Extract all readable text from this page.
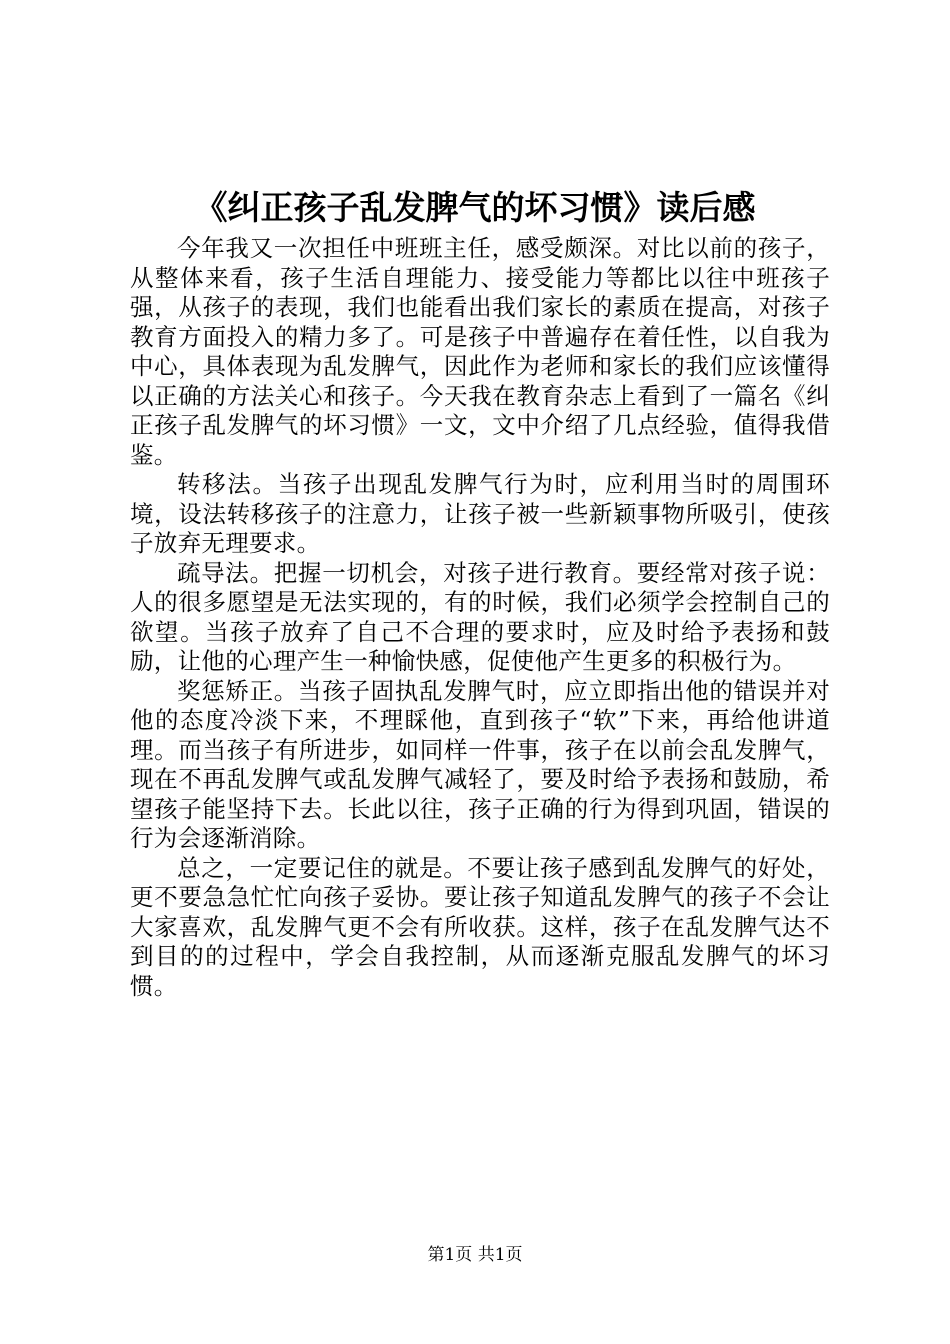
《纠正孩子乱发脾气的坏习惯》读后感

今年我又一次担任中班班主任，感受颇深。对比以前的孩子，从整体来看，孩子生活自理能力、接受能力等都比以往中班孩子强，从孩子的表现，我们也能看出我们家长的素质在提高，对孩子教育方面投入的精力多了。可是孩子中普遍存在着任性，以自我为中心，具体表现为乱发脾气，因此作为老师和家长的我们应该懂得以正确的方法关心和孩子。今天我在教育杂志上看到了一篇名《纠正孩子乱发脾气的坏习惯》一文，文中介绍了几点经验，值得我借鉴。

转移法。当孩子出现乱发脾气行为时，应利用当时的周围环境，设法转移孩子的注意力，让孩子被一些新颖事物所吸引，使孩子放弃无理要求。

疏导法。把握一切机会，对孩子进行教育。要经常对孩子说：人的很多愿望是无法实现的，有的时候，我们必须学会控制自己的欲望。当孩子放弃了自己不合理的要求时，应及时给予表扬和鼓励，让他的心理产生一种愉快感，促使他产生更多的积极行为。

奖惩矫正。当孩子固执乱发脾气时，应立即指出他的错误并对他的态度冷淡下来，不理睬他，直到孩子“软”下来，再给他讲道理。而当孩子有所进步，如同样一件事，孩子在以前会乱发脾气，现在不再乱发脾气或乱发脾气减轻了，要及时给予表扬和鼓励，希望孩子能坚持下去。长此以往，孩子正确的行为得到巩固，错误的行为会逐渐消除。

总之，一定要记住的就是。不要让孩子感到乱发脾气的好处，更不要急急忙忙向孩子妥协。要让孩子知道乱发脾气的孩子不会让大家喜欢，乱发脾气更不会有所收获。这样，孩子在乱发脾气达不到目的的过程中，学会自我控制，从而逐渐克服乱发脾气的坏习惯。

第1页 共1页
